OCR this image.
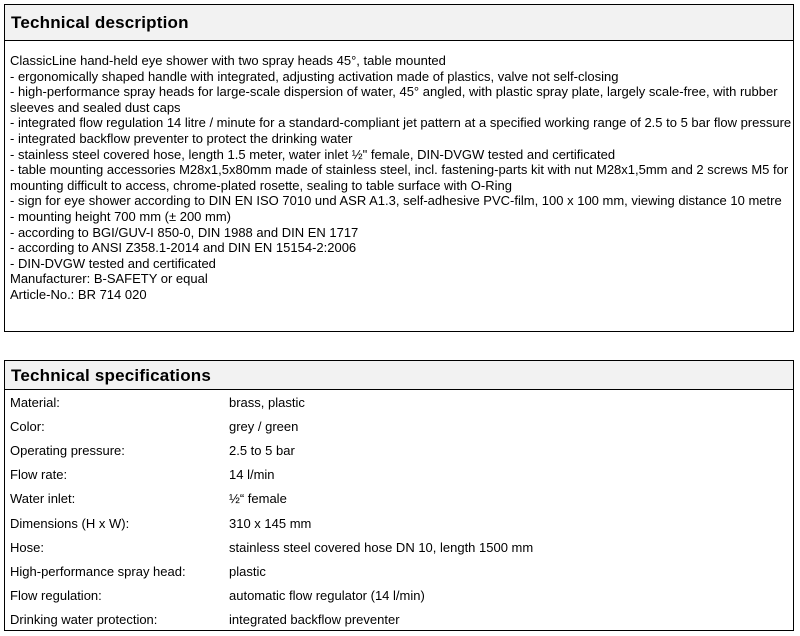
Technical description
ClassicLine hand-held eye shower with two spray heads 45°, table mounted
- ergonomically shaped handle with integrated, adjusting activation made of plastics, valve not self-closing
- high-performance spray heads for large-scale dispersion of water, 45° angled, with plastic spray plate, largely scale-free, with rubber sleeves and sealed dust caps
- integrated flow regulation 14 litre / minute for a standard-compliant jet pattern at a specified working range of 2.5 to 5 bar flow pressure
- integrated backflow preventer to protect the drinking water
- stainless steel covered hose, length 1.5 meter, water inlet ½" female, DIN-DVGW tested and certificated
- table mounting accessories M28x1,5x80mm made of stainless steel, incl. fastening-parts kit with nut M28x1,5mm and 2 screws M5 for mounting difficult to access, chrome-plated rosette, sealing to table surface with O-Ring
- sign for eye shower according to DIN EN ISO 7010 und ASR A1.3, self-adhesive PVC-film, 100 x 100 mm, viewing distance 10 metre
- mounting height 700 mm (± 200 mm)
- according to BGI/GUV-I 850-0, DIN 1988 and DIN EN 1717
- according to ANSI Z358.1-2014 and DIN EN 15154-2:2006
- DIN-DVGW tested and certificated
Manufacturer: B-SAFETY or equal
Article-No.: BR 714 020
Technical specifications
Material:	brass, plastic
Color:	grey / green
Operating pressure:	2.5 to 5 bar
Flow rate:	14 l/min
Water inlet:	½“ female
Dimensions (H x W):	310 x 145 mm
Hose:	stainless steel covered hose DN 10, length 1500 mm
High-performance spray head:	plastic
Flow regulation:	automatic flow regulator (14 l/min)
Drinking water protection:	integrated backflow preventer
